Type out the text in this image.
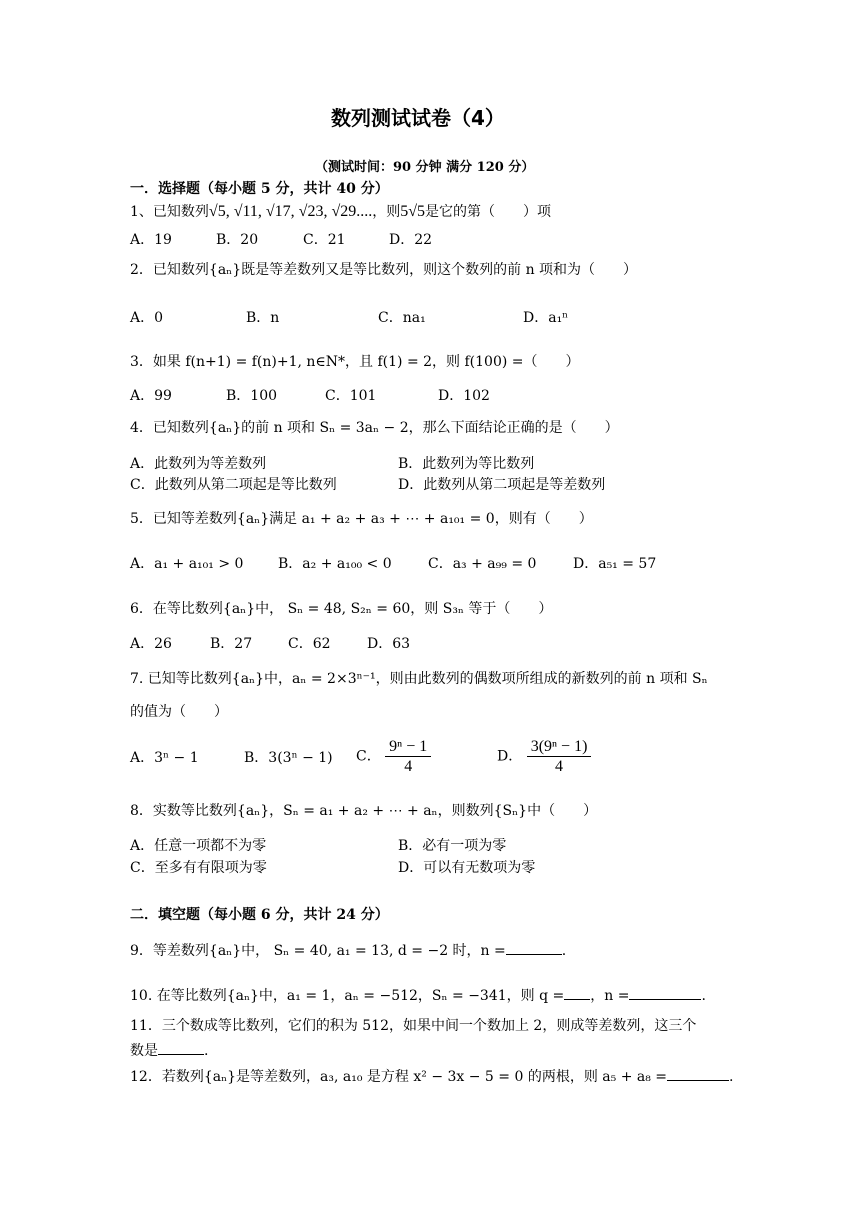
数列测试试卷（4）
（测试时间：90 分钟 满分 120 分）
一．选择题（每小题 5 分，共计 40 分）
1、已知数列√5, √11, √17, √23, √29....，则5√5是它的第（　　）项
A．19	B．20	C．21	D．22
2．已知数列{aₙ}既是等差数列又是等比数列，则这个数列的前 n 项和为（　　）
A．0	B．n	C．na₁	D．a₁ⁿ
3．如果 f(n+1) = f(n)+1, n∈N*，且 f(1) = 2，则 f(100) =（　　）
A．99	B．100	C．101	D．102
4．已知数列{aₙ}的前 n 项和 Sₙ = 3aₙ − 2，那么下面结论正确的是（　　）
A．此数列为等差数列	B．此数列为等比数列
C．此数列从第二项起是等比数列	D．此数列从第二项起是等差数列
5．已知等差数列{aₙ}满足 a₁ + a₂ + a₃ + ⋯ + a₁₀₁ = 0，则有（　　）
A．a₁ + a₁₀₁ > 0 B．a₂ + a₁₀₀ < 0	C．a₃ + a₉₉ = 0	D．a₅₁ = 57
6．在等比数列{aₙ}中， Sₙ = 48, S₂ₙ = 60，则 S₃ₙ 等于（　　）
A．26	B．27	C．62	D．63
7. 已知等比数列{aₙ}中，aₙ = 2×3ⁿ⁻¹，则由此数列的偶数项所组成的新数列的前 n 项和 Sₙ
的值为（　　）
A．3ⁿ − 1	B．3(3ⁿ − 1) C． $\frac{\text{9ⁿ − 1}}{4}$	D． $\frac{\text{3(9ⁿ − 1)}}{4}$
8．实数等比数列{aₙ}，Sₙ = a₁ + a₂ + ⋯ + aₙ，则数列{Sₙ}中（　　）
A．任意一项都不为零	B．必有一项为零
C．至多有有限项为零	D．可以有无数项为零
二．填空题（每小题 6 分，共计 24 分）
9．等差数列{aₙ}中， Sₙ = 40, a₁ = 13, d = −2 时，n =	.
10. 在等比数列{aₙ}中，a₁ = 1，aₙ = −512，Sₙ = −341，则 q = ，n =	.
11．三个数成等比数列，它们的积为 512，如果中间一个数加上 2，则成等差数列，这三个
数是	.
12．若数列{aₙ}是等差数列，a₃, a₁₀ 是方程 x² − 3x − 5 = 0 的两根，则 a₅ + a₈ =	.
